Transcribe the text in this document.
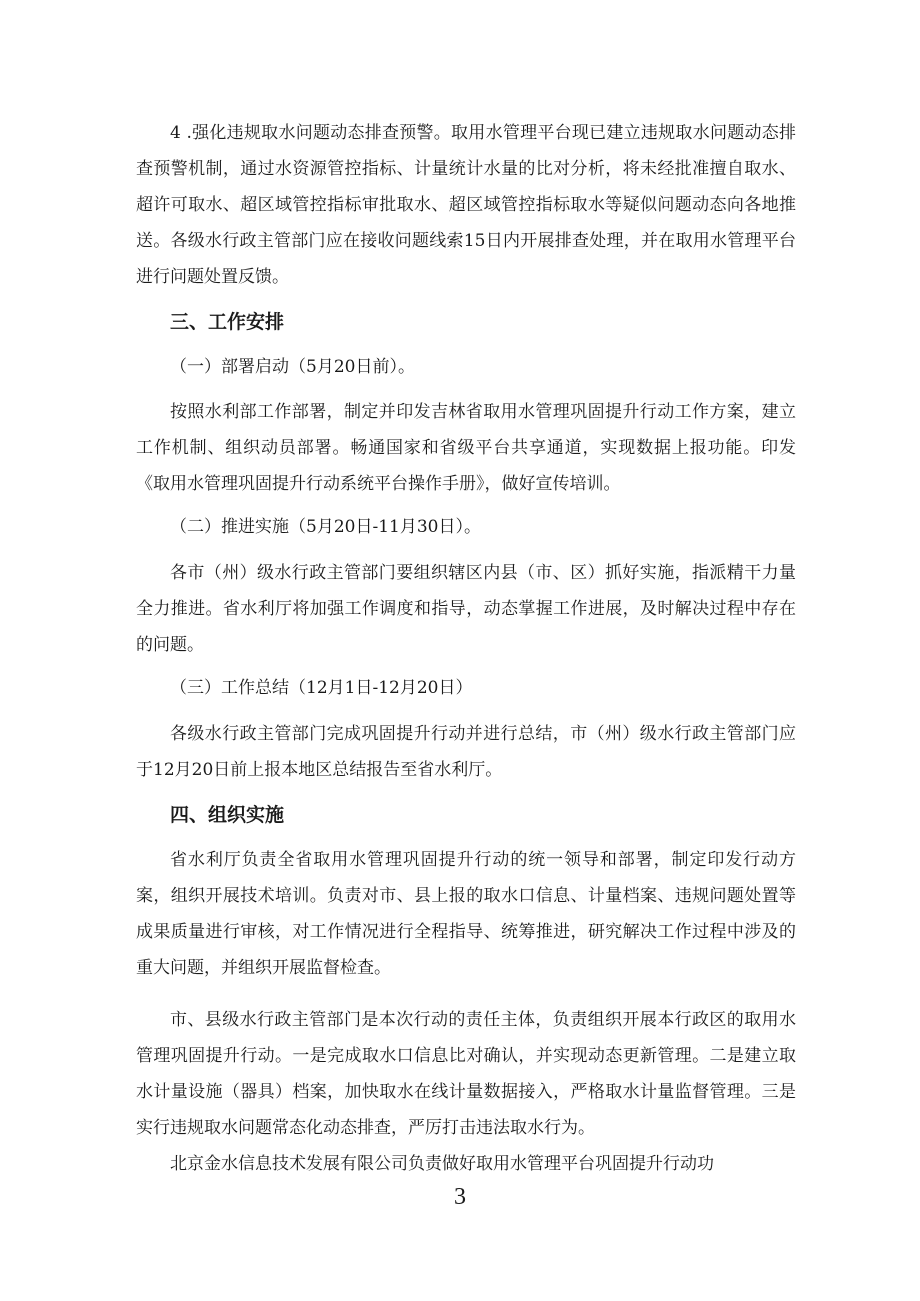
4 .强化违规取水问题动态排查预警。取用水管理平台现已建立违规取水问题动态排查预警机制，通过水资源管控指标、计量统计水量的比对分析，将未经批准擅自取水、超许可取水、超区域管控指标审批取水、超区域管控指标取水等疑似问题动态向各地推送。各级水行政主管部门应在接收问题线索15日内开展排查处理，并在取用水管理平台进行问题处置反馈。

三、工作安排

（一）部署启动（5月20日前）。

按照水利部工作部署，制定并印发吉林省取用水管理巩固提升行动工作方案，建立工作机制、组织动员部署。畅通国家和省级平台共享通道，实现数据上报功能。印发《取用水管理巩固提升行动系统平台操作手册》，做好宣传培训。

（二）推进实施（5月20日-11月30日）。

各市（州）级水行政主管部门要组织辖区内县（市、区）抓好实施，指派精干力量全力推进。省水利厅将加强工作调度和指导，动态掌握工作进展，及时解决过程中存在的问题。

（三）工作总结（12月1日-12月20日）

各级水行政主管部门完成巩固提升行动并进行总结，市（州）级水行政主管部门应于12月20日前上报本地区总结报告至省水利厅。

四、组织实施

省水利厅负责全省取用水管理巩固提升行动的统一领导和部署，制定印发行动方案，组织开展技术培训。负责对市、县上报的取水口信息、计量档案、违规问题处置等成果质量进行审核，对工作情况进行全程指导、统筹推进，研究解决工作过程中涉及的重大问题，并组织开展监督检查。

市、县级水行政主管部门是本次行动的责任主体，负责组织开展本行政区的取用水管理巩固提升行动。一是完成取水口信息比对确认，并实现动态更新管理。二是建立取水计量设施（器具）档案，加快取水在线计量数据接入，严格取水计量监督管理。三是实行违规取水问题常态化动态排查，严厉打击违法取水行为。

北京金水信息技术发展有限公司负责做好取用水管理平台巩固提升行动功

3
